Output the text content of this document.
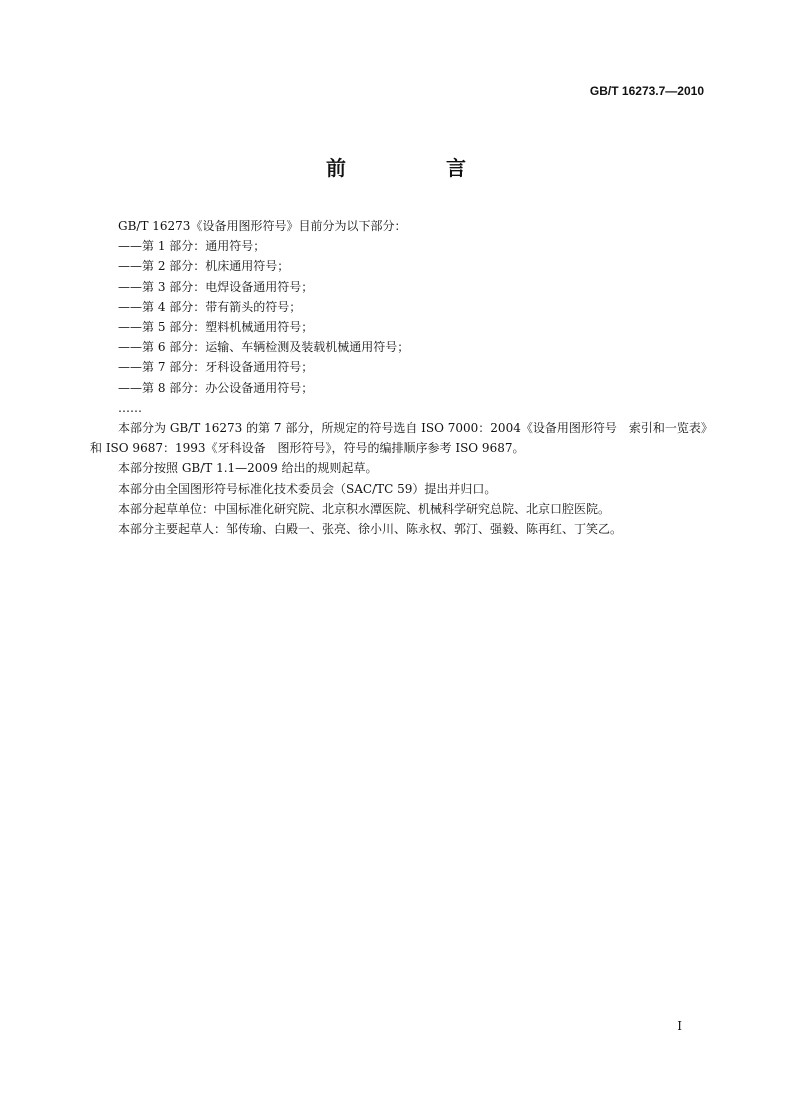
GB/T 16273.7—2010
前　言
GB/T 16273《设备用图形符号》目前分为以下部分：
——第 1 部分：通用符号；
——第 2 部分：机床通用符号；
——第 3 部分：电焊设备通用符号；
——第 4 部分：带有箭头的符号；
——第 5 部分：塑料机械通用符号；
——第 6 部分：运输、车辆检测及装载机械通用符号；
——第 7 部分：牙科设备通用符号；
——第 8 部分：办公设备通用符号；
……
本部分为 GB/T 16273 的第 7 部分，所规定的符号选自 ISO 7000：2004《设备用图形符号　索引和一览表》和 ISO 9687：1993《牙科设备　图形符号》，符号的编排顺序参考 ISO 9687。
本部分按照 GB/T 1.1—2009 给出的规则起草。
本部分由全国图形符号标准化技术委员会（SAC/TC 59）提出并归口。
本部分起草单位：中国标准化研究院、北京积水潭医院、机械科学研究总院、北京口腔医院。
本部分主要起草人：邹传瑜、白殿一、张亮、徐小川、陈永权、郭汀、强毅、陈再红、丁笑乙。
I
